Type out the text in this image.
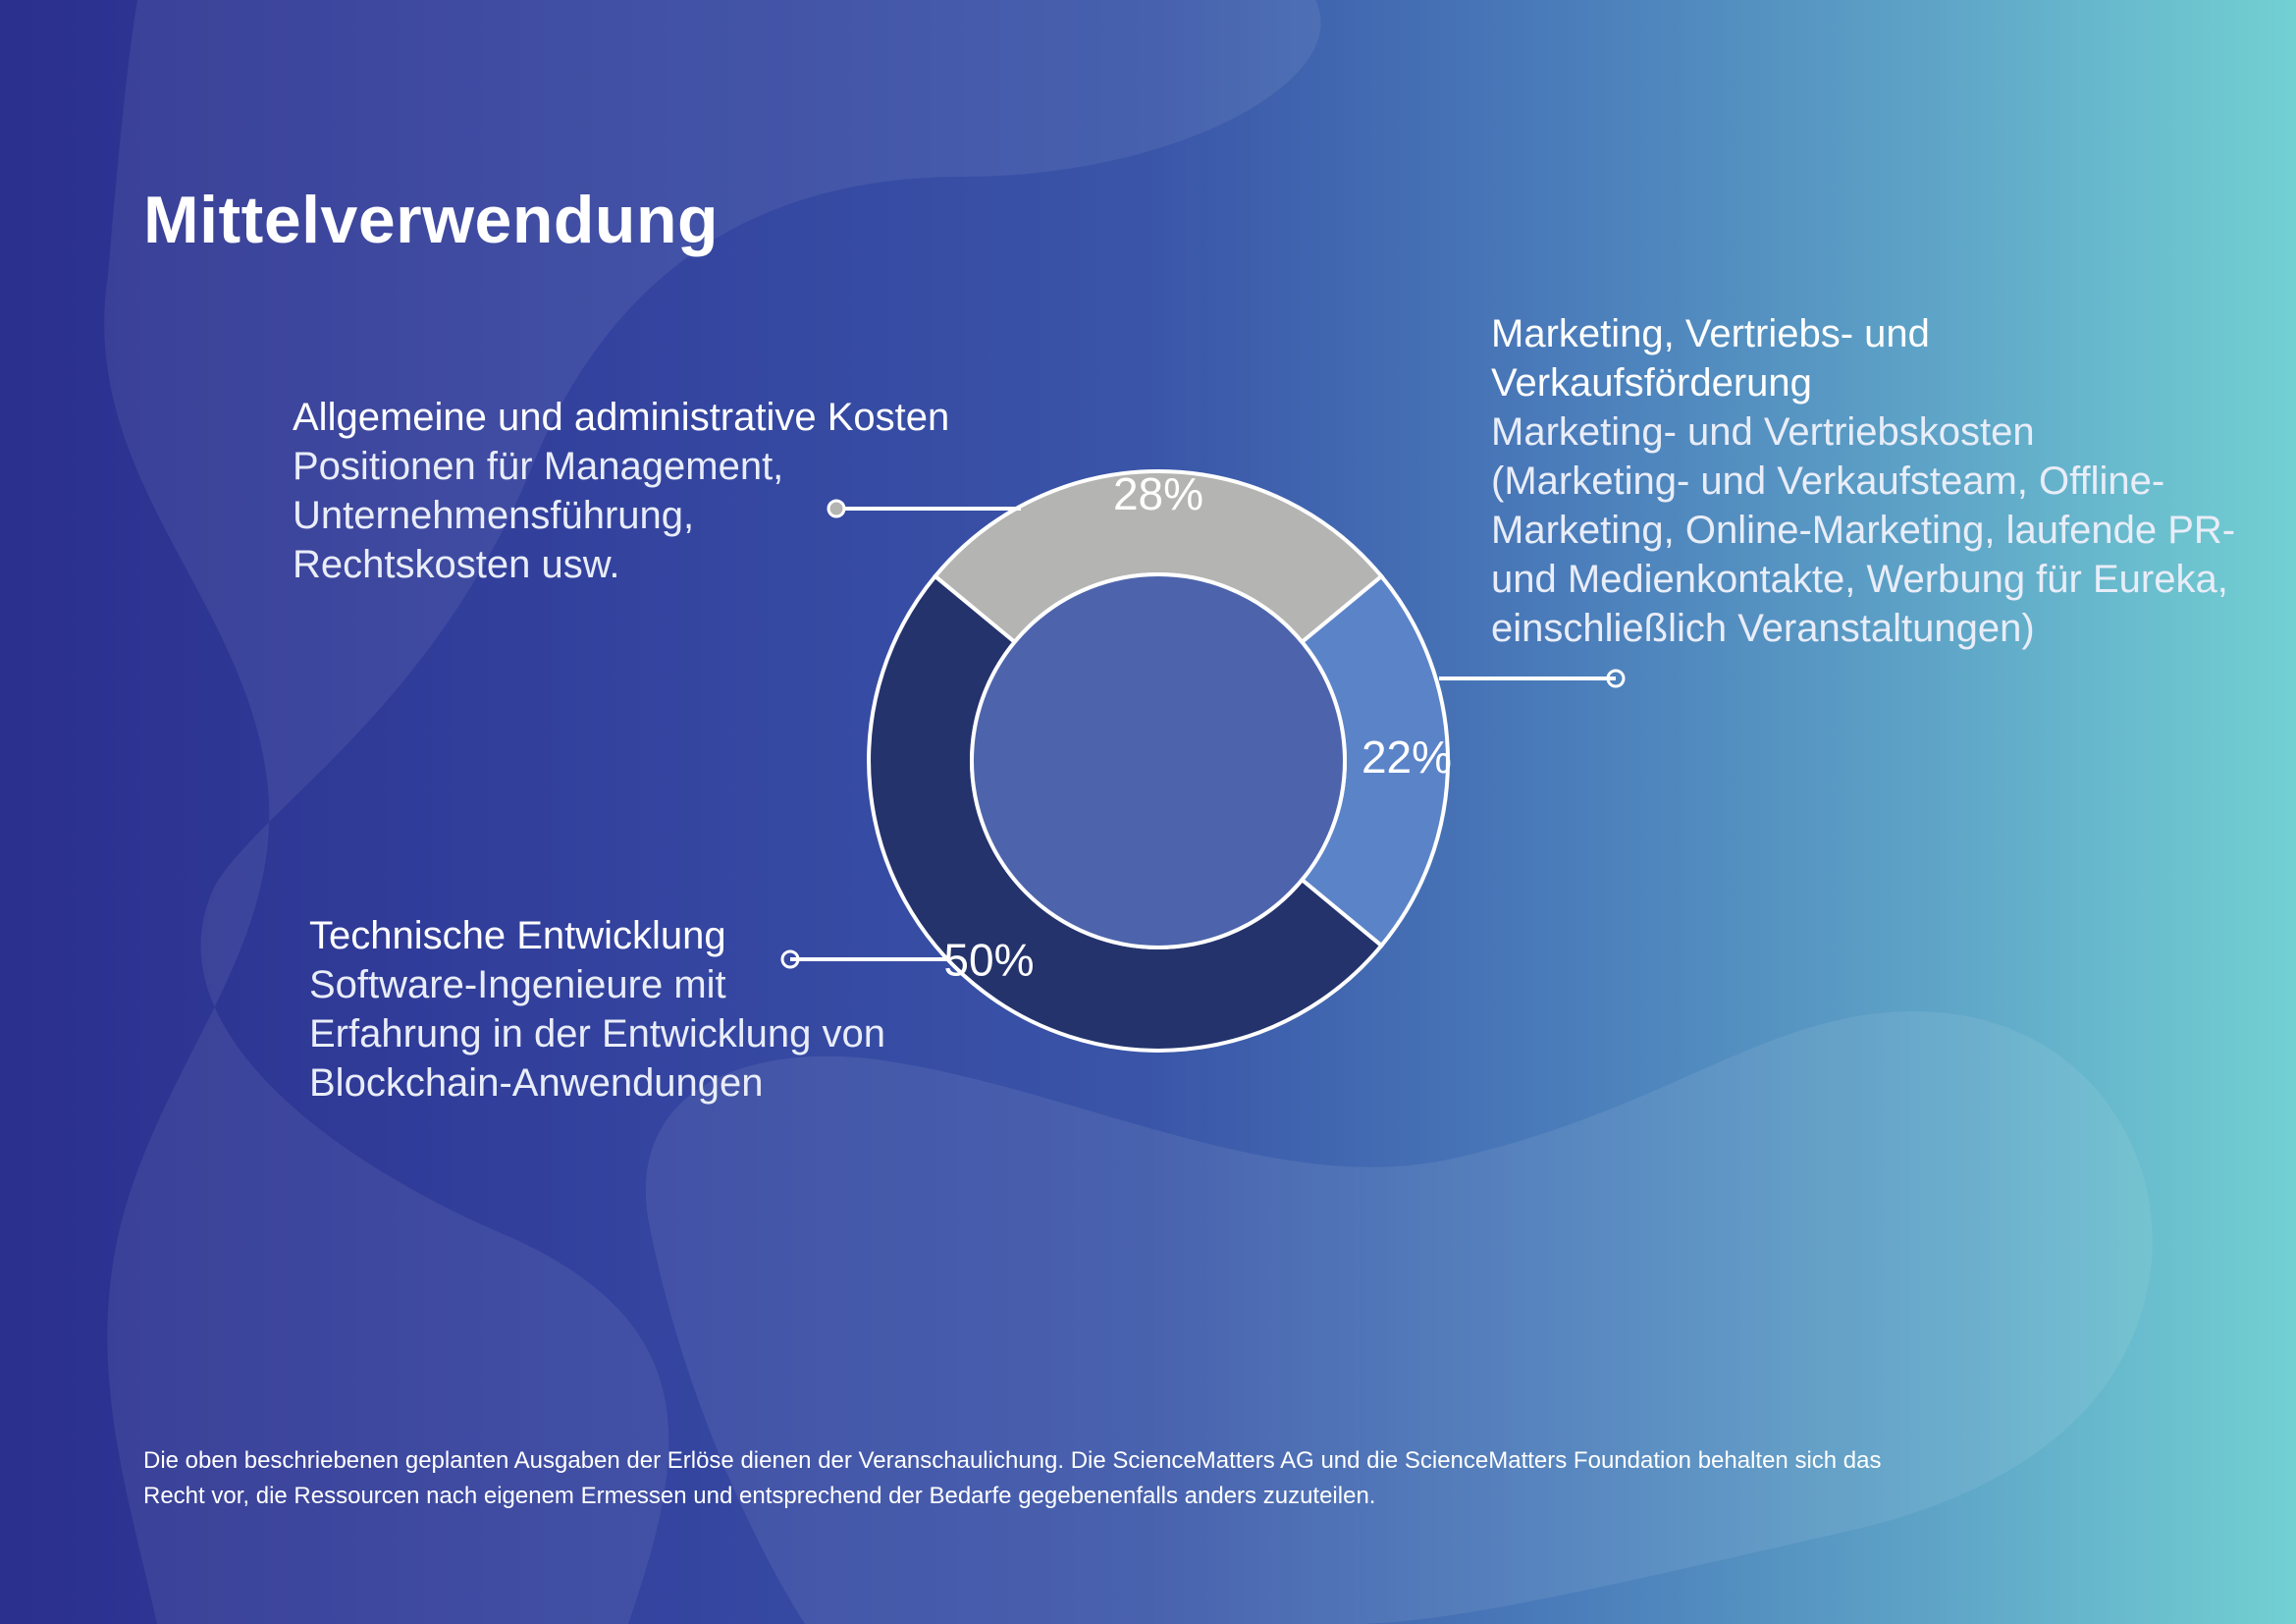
Mittelverwendung
28%
22%
50%
Allgemeine und administrative Kosten
Positionen für Management,
Unternehmensführung,
Rechtskosten usw.
Marketing, Vertriebs- und
Verkaufsförderung
Marketing- und Vertriebskosten
(Marketing- und Verkaufsteam, Offline-
Marketing, Online-Marketing, laufende PR-
und Medienkontakte, Werbung für Eureka,
einschließlich Veranstaltungen)
Technische Entwicklung
Software-Ingenieure mit
Erfahrung in der Entwicklung von
Blockchain-Anwendungen
Die oben beschriebenen geplanten Ausgaben der Erlöse dienen der Veranschaulichung. Die ScienceMatters AG und die ScienceMatters Foundation behalten sich das
Recht vor, die Ressourcen nach eigenem Ermessen und entsprechend der Bedarfe gegebenenfalls anders zuzuteilen.
